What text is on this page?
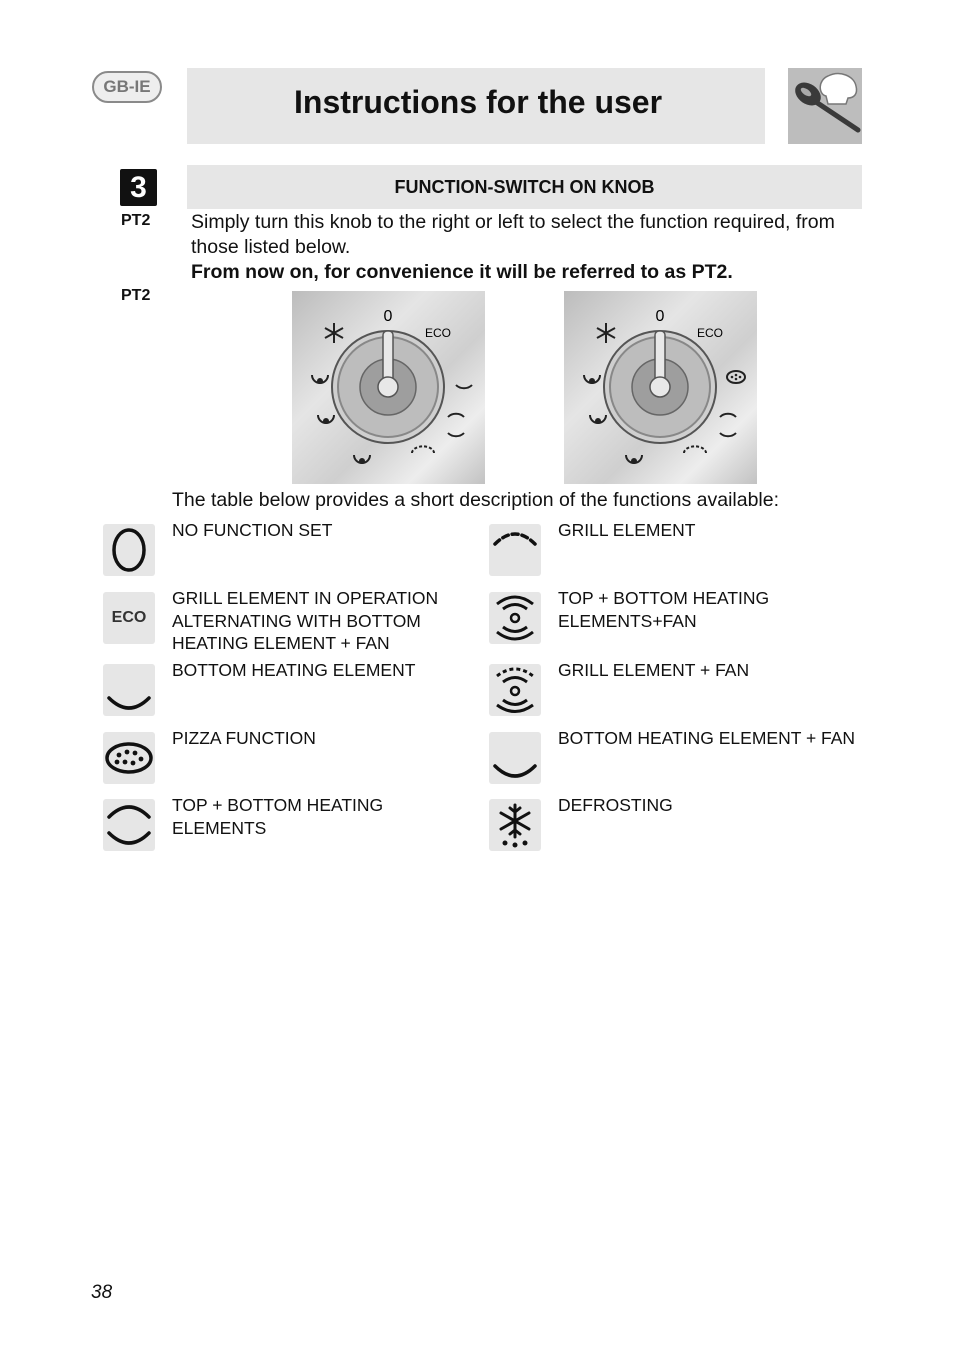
GB-IE	Instructions for the user
3
PT2
PT2
FUNCTION-SWITCH ON KNOB
Simply turn this knob to the right or left to select the function required, from those listed below.
From now on, for convenience it will be referred to as PT2.
0
ECO
0
ECO
The table below provides a short description of the functions available:
NO FUNCTION SET
ECO
GRILL ELEMENT IN OPERATION ALTERNATING WITH BOTTOM HEATING ELEMENT + FAN
BOTTOM HEATING ELEMENT
PIZZA FUNCTION
TOP + BOTTOM HEATING ELEMENTS
GRILL ELEMENT
TOP + BOTTOM HEATING ELEMENTS+FAN
GRILL ELEMENT + FAN
BOTTOM HEATING ELEMENT + FAN
DEFROSTING
38
